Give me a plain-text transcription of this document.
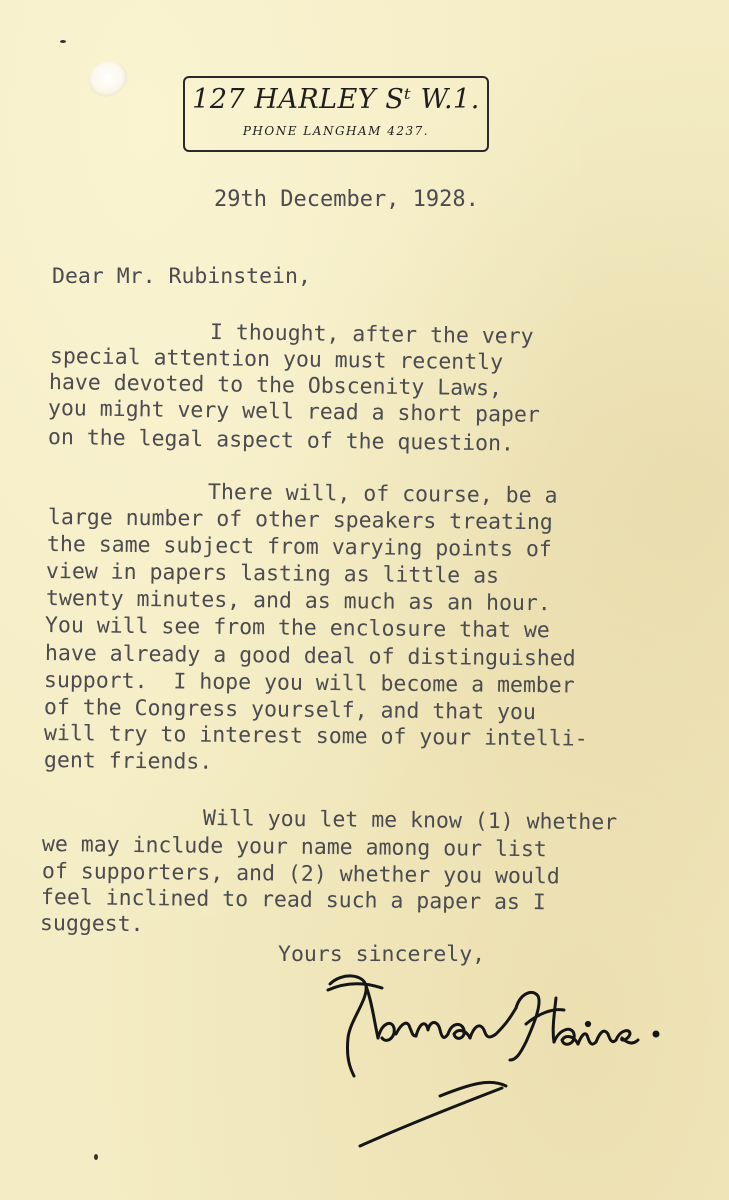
127 HARLEY Sᵗ W.1.
PHONE LANGHAM 4237.
29th December, 1928.
Dear Mr. Rubinstein,
I thought, after the very
special attention you must recently
have devoted to the Obscenity Laws,
you might very well read a short paper
on the legal aspect of the question.
There will, of course, be a
large number of other speakers treating
the same subject from varying points of
view in papers lasting as little as
twenty minutes, and as much as an hour.
You will see from the enclosure that we
have already a good deal of distinguished
support.  I hope you will become a member
of the Congress yourself, and that you
will try to interest some of your intelli-
gent friends.
Will you let me know (1) whether
we may include your name among our list
of supporters, and (2) whether you would
feel inclined to read such a paper as I
suggest.
Yours sincerely,
